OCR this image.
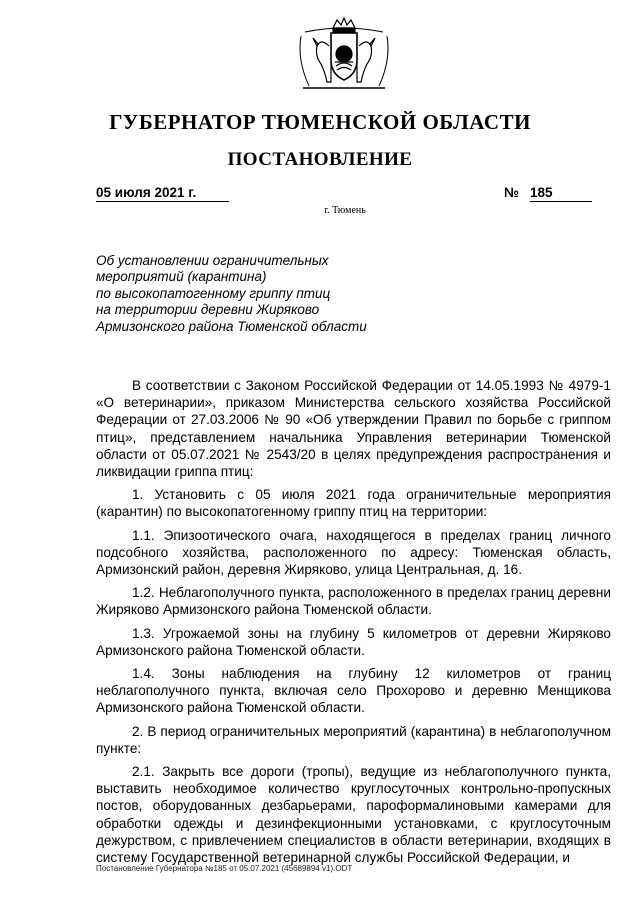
ГУБЕРНАТОР ТЮМЕНСКОЙ ОБЛАСТИ
ПОСТАНОВЛЕНИЕ
05 июля 2021 г.	№ 185
г. Тюмень
Об установлении ограничительных
мероприятий (карантина)
по высокопатогенному гриппу птиц
на территории деревни Жиряково
Армизонского района Тюменской области

В соответствии с Законом Российской Федерации от 14.05.1993 № 4979-1 «О ветеринарии», приказом Министерства сельского хозяйства Российской Федерации от 27.03.2006 № 90 «Об утверждении Правил по борьбе с гриппом птиц», представлением начальника Управления ветеринарии Тюменской области от 05.07.2021 № 2543/20 в целях предупреждения распространения и ликвидации гриппа птиц:

1. Установить с 05 июля 2021 года ограничительные мероприятия (карантин) по высокопатогенному гриппу птиц на территории:

1.1. Эпизоотического очага, находящегося в пределах границ личного подсобного хозяйства, расположенного по адресу: Тюменская область, Армизонский район, деревня Жиряково, улица Центральная, д. 16.

1.2. Неблагополучного пункта, расположенного в пределах границ деревни Жиряково Армизонского района Тюменской области.

1.3. Угрожаемой зоны на глубину 5 километров от деревни Жиряково Армизонского района Тюменской области.

1.4. Зоны наблюдения на глубину 12 километров от границ неблагополучного пункта, включая село Прохорово и деревню Менщикова Армизонского района Тюменской области.

2. В период ограничительных мероприятий (карантина) в неблагополучном пункте:

2.1. Закрыть все дороги (тропы), ведущие из неблагополучного пункта, выставить необходимое количество круглосуточных контрольно-пропускных постов, оборудованных дезбарьерами, пароформалиновыми камерами для обработки одежды и дезинфекционными установками, с круглосуточным дежурством, с привлечением специалистов в области ветеринарии, входящих в систему Государственной ветеринарной службы Российской Федерации, и

Постановление Губернатора №185 от 05.07.2021 (45689894 v1).ODT
